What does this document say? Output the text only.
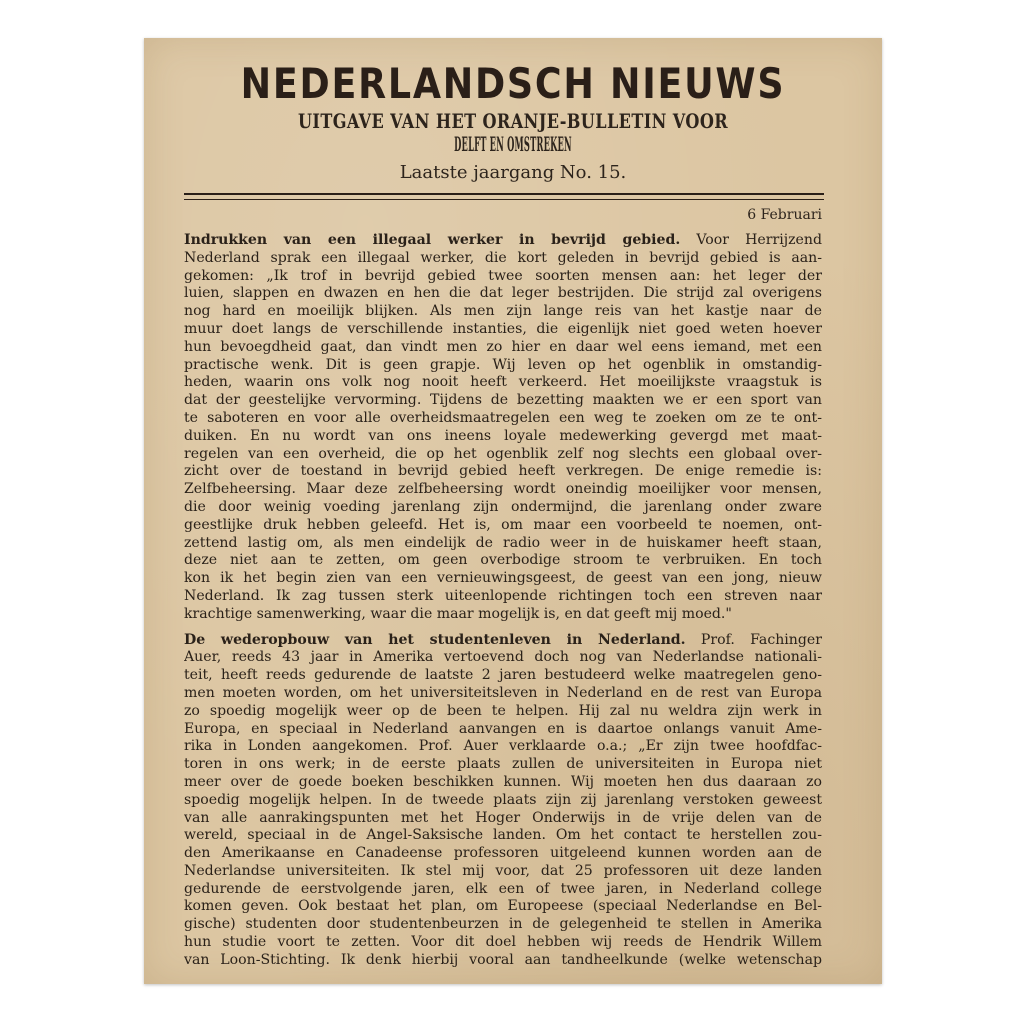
NEDERLANDSCH NIEUWS
UITGAVE VAN HET ORANJE-BULLETIN VOOR
DELFT EN OMSTREKEN
Laatste jaargang No. 15.
6 Februari
Indrukken van een illegaal werker in bevrijd gebied. Voor Herrijzend
Nederland sprak een illegaal werker, die kort geleden in bevrijd gebied is aan-
gekomen: „Ik trof in bevrijd gebied twee soorten mensen aan: het leger der
luien, slappen en dwazen en hen die dat leger bestrijden. Die strijd zal overigens
nog hard en moeilijk blijken. Als men zijn lange reis van het kastje naar de
muur doet langs de verschillende instanties, die eigenlijk niet goed weten hoever
hun bevoegdheid gaat, dan vindt men zo hier en daar wel eens iemand, met een
practische wenk. Dit is geen grapje. Wij leven op het ogenblik in omstandig-
heden, waarin ons volk nog nooit heeft verkeerd. Het moeilijkste vraagstuk is
dat der geestelijke vervorming. Tijdens de bezetting maakten we er een sport van
te saboteren en voor alle overheidsmaatregelen een weg te zoeken om ze te ont-
duiken. En nu wordt van ons ineens loyale medewerking gevergd met maat-
regelen van een overheid, die op het ogenblik zelf nog slechts een globaal over-
zicht over de toestand in bevrijd gebied heeft verkregen. De enige remedie is:
Zelfbeheersing. Maar deze zelfbeheersing wordt oneindig moeilijker voor mensen,
die door weinig voeding jarenlang zijn ondermijnd, die jarenlang onder zware
geestlijke druk hebben geleefd. Het is, om maar een voorbeeld te noemen, ont-
zettend lastig om, als men eindelijk de radio weer in de huiskamer heeft staan,
deze niet aan te zetten, om geen overbodige stroom te verbruiken. En toch
kon ik het begin zien van een vernieuwingsgeest, de geest van een jong, nieuw
Nederland. Ik zag tussen sterk uiteenlopende richtingen toch een streven naar
krachtige samenwerking, waar die maar mogelijk is, en dat geeft mij moed."
De wederopbouw van het studentenleven in Nederland. Prof. Fachinger
Auer, reeds 43 jaar in Amerika vertoevend doch nog van Nederlandse nationali-
teit, heeft reeds gedurende de laatste 2 jaren bestudeerd welke maatregelen geno-
men moeten worden, om het universiteitsleven in Nederland en de rest van Europa
zo spoedig mogelijk weer op de been te helpen. Hij zal nu weldra zijn werk in
Europa, en speciaal in Nederland aanvangen en is daartoe onlangs vanuit Ame-
rika in Londen aangekomen. Prof. Auer verklaarde o.a.; „Er zijn twee hoofdfac-
toren in ons werk; in de eerste plaats zullen de universiteiten in Europa niet
meer over de goede boeken beschikken kunnen. Wij moeten hen dus daaraan zo
spoedig mogelijk helpen. In de tweede plaats zijn zij jarenlang verstoken geweest
van alle aanrakingspunten met het Hoger Onderwijs in de vrije delen van de
wereld, speciaal in de Angel-Saksische landen. Om het contact te herstellen zou-
den Amerikaanse en Canadeense professoren uitgeleend kunnen worden aan de
Nederlandse universiteiten. Ik stel mij voor, dat 25 professoren uit deze landen
gedurende de eerstvolgende jaren, elk een of twee jaren, in Nederland college
komen geven. Ook bestaat het plan, om Europeese (speciaal Nederlandse en Bel-
gische) studenten door studentenbeurzen in de gelegenheid te stellen in Amerika
hun studie voort te zetten. Voor dit doel hebben wij reeds de Hendrik Willem
van Loon-Stichting. Ik denk hierbij vooral aan tandheelkunde (welke wetenschap
